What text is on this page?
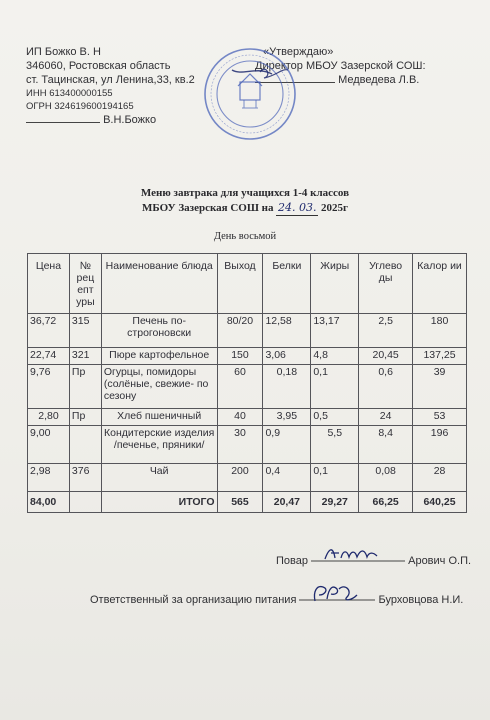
ИП Божко В. Н
346060, Ростовская область
ст. Тацинская, ул Ленина,33, кв.2
ИНН 613400000155
ОГРН 324619600194165
В.Н.Божко
«Утверждаю»
Директор МБОУ Зазерской СОШ:
Медведева Л.В.
Меню завтрака для учащихся 1-4 классов
МБОУ Зазерская СОШ на 24. 03. 2025г
День восьмой
Цена	№ рец епт уры	Наименование блюда	Выход	Белки	Жиры	Углево ды	Калор ии
36,72	315	Печень по-строгоновски	80/20	12,58	13,17	2,5	180
22,74	321	Пюре картофельное	150	3,06	4,8	20,45	137,25
9,76	Пр	Огурцы, помидоры (солёные, свежие- по сезону	60	0,18	0,1	0,6	39
2,80	Пр	Хлеб пшеничный	40	3,95	0,5	24	53
9,00		Кондитерские изделия /печенье, пряники/	30	0,9	5,5	8,4	196
2,98	376	Чай	200	0,4	0,1	0,08	28
84,00		ИТОГО	565	20,47	29,27	66,25	640,25
Повар	Арович О.П.
Ответственный за организацию питания	Бурховцова Н.И.
